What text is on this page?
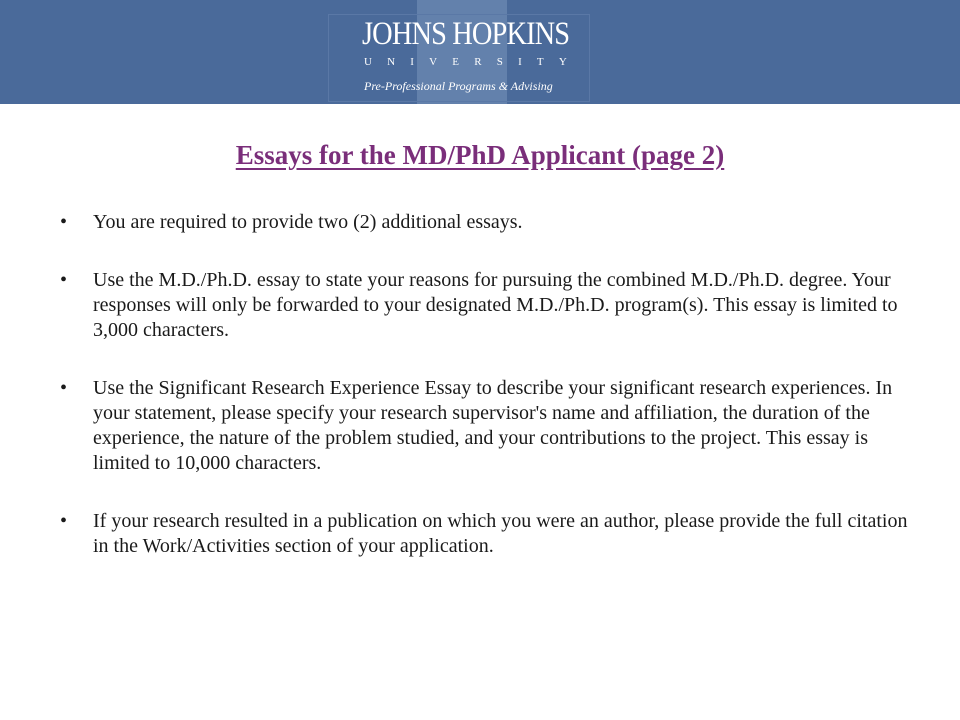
JOHNS HOPKINS
UNIVERSITY
Pre-Professional Programs & Advising
Essays for the MD/PhD Applicant (page 2)
• You are required to provide two (2) additional essays.
• Use the M.D./Ph.D. essay to state your reasons for pursuing the combined M.D./Ph.D. degree. Your responses will only be forwarded to your designated M.D./Ph.D. program(s). This essay is limited to 3,000 characters.
• Use the Significant Research Experience Essay to describe your significant research experiences. In your statement, please specify your research supervisor's name and affiliation, the duration of the experience, the nature of the problem studied, and your contributions to the project. This essay is limited to 10,000 characters.
• If your research resulted in a publication on which you were an author, please provide the full citation in the Work/Activities section of your application.
